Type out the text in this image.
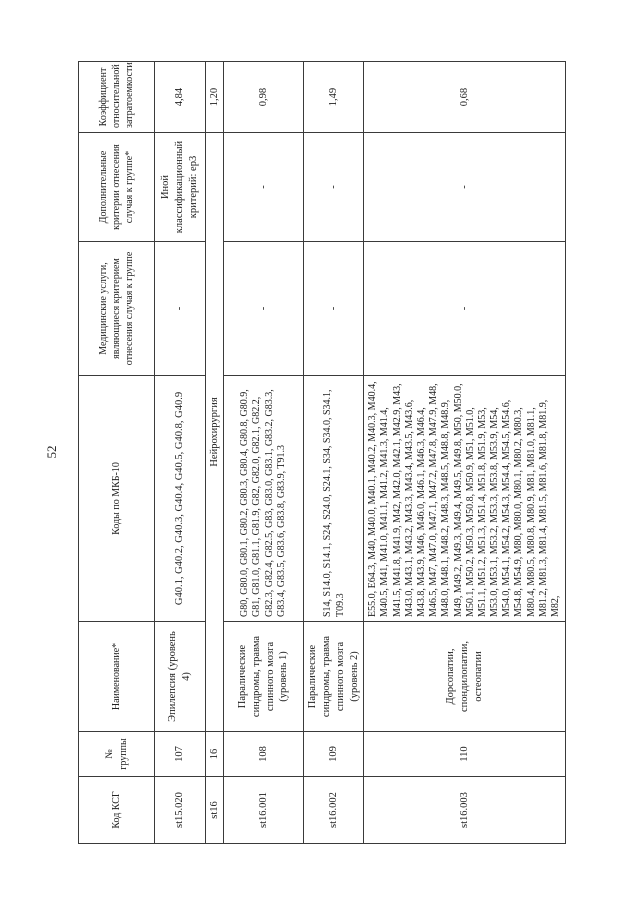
52
Код КСГ	№ группы	Наименование*	Коды по МКБ-10	Медицинские услуги, являющиеся критерием отнесения случая к группе	Дополнительные критерии отнесения случая к группе*	Коэффициент относительной затратоемкости
st15.020	107	Эпилепсия (уровень 4)	G40.1, G40.2, G40.3, G40.4, G40.5, G40.8, G40.9	-	Иной классификационный критерий: ep3	4,84
st16	16	Нейрохирургия				1,20
st16.001	108	Паралические синдромы, травма спинного мозга (уровень 1)	G80, G80.0, G80.1, G80.2, G80.3, G80.4, G80.8, G80.9, G81, G81.0, G81.1, G81.9, G82, G82.0, G82.1, G82.2, G82.3, G82.4, G82.5, G83, G83.0, G83.1, G83.2, G83.3, G83.4, G83.5, G83.6, G83.8, G83.9, T91.3	-	-	0,98
st16.002	109	Паралические синдромы, травма спинного мозга (уровень 2)	S14, S14.0, S14.1, S24, S24.0, S24.1, S34, S34.0, S34.1, T09.3	-	-	1,49
st16.003	110	Дорсопатии, спондилопатии, остеопатии	E55.0, E64.3, M40, M40.0, M40.1, M40.2, M40.3, M40.4, M40.5, M41, M41.0, M41.1, M41.2, M41.3, M41.4, M41.5, M41.8, M41.9, M42, M42.0, M42.1, M42.9, M43, M43.0, M43.1, M43.2, M43.3, M43.4, M43.5, M43.6, M43.8, M43.9, M46, M46.0, M46.1, M46.3, M46.4, M46.5, M47, M47.0, M47.1, M47.2, M47.8, M47.9, M48, M48.0, M48.1, M48.2, M48.3, M48.5, M48.8, M48.9, M49, M49.2, M49.3, M49.4, M49.5, M49.8, M50, M50.0, M50.1, M50.2, M50.3, M50.8, M50.9, M51, M51.0, M51.1, M51.2, M51.3, M51.4, M51.8, M51.9, M53, M53.0, M53.1, M53.2, M53.3, M53.8, M53.9, M54, M54.0, M54.1, M54.2, M54.3, M54.4, M54.5, M54.6, M54.8, M54.9, M80, M80.0, M80.1, M80.2, M80.3, M80.4, M80.5, M80.8, M80.9, M81, M81.0, M81.1, M81.2, M81.3, M81.4, M81.5, M81.6, M81.8, M81.9, M82,	-	-	0,68
